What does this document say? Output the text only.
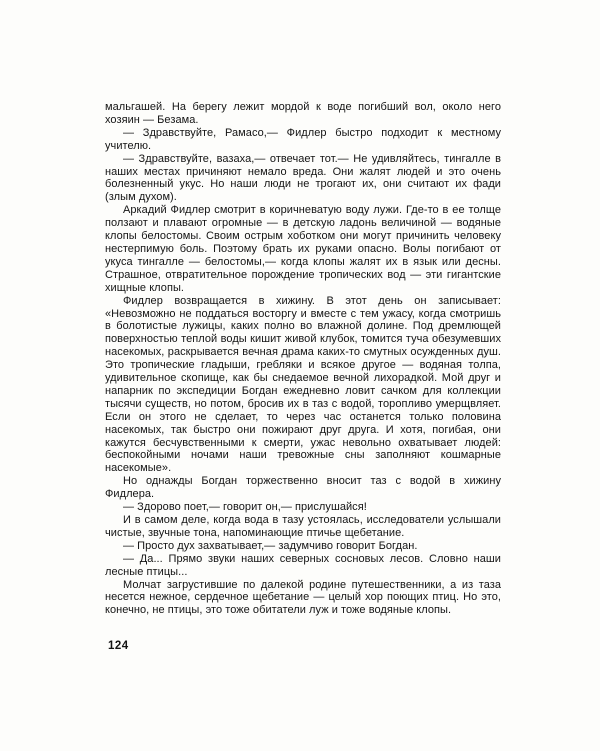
мальгашей. На берегу лежит мордой к воде погибший вол, около него хозяин — Безама.

— Здравствуйте, Рамасо,— Фидлер быстро подходит к местному учителю.

— Здравствуйте, вазаха,— отвечает тот.— Не удивляйтесь, тингалле в наших местах причиняют немало вреда. Они жалят людей и это очень болезненный укус. Но наши люди не трогают их, они считают их фади (злым духом).

Аркадий Фидлер смотрит в коричневатую воду лужи. Где-то в ее толще ползают и плавают огромные — в детскую ладонь величиной — водяные клопы белостомы. Своим острым хоботком они могут причинить человеку нестерпимую боль. Поэтому брать их руками опасно. Волы погибают от укуса тингалле — белостомы,— когда клопы жалят их в язык или десны. Страшное, отвратительное порождение тропических вод — эти гигантские хищные клопы.

Фидлер возвращается в хижину. В этот день он записывает: «Невозможно не поддаться восторгу и вместе с тем ужасу, когда смотришь в болотистые лужицы, каких полно во влажной долине. Под дремлющей поверхностью теплой воды кишит живой клубок, томится туча обезумевших насекомых, раскрывается вечная драма каких-то смутных осужденных душ. Это тропические гладыши, гребляки и всякое другое — водяная толпа, удивительное скопище, как бы снедаемое вечной лихорадкой. Мой друг и напарник по экспедиции Богдан ежедневно ловит сачком для коллекции тысячи существ, но потом, бросив их в таз с водой, торопливо умерщвляет. Если он этого не сделает, то через час останется только половина насекомых, так быстро они пожирают друг друга. И хотя, погибая, они кажутся бесчувственными к смерти, ужас невольно охватывает людей: беспокойными ночами наши тревожные сны заполняют кошмарные насекомые».

Но однажды Богдан торжественно вносит таз с водой в хижину Фидлера.

— Здорово поет,— говорит он,— прислушайся!

И в самом деле, когда вода в тазу устоялась, исследователи услышали чистые, звучные тона, напоминающие птичье щебетание.

— Просто дух захватывает,— задумчиво говорит Богдан.

— Да... Прямо звуки наших северных сосновых лесов. Словно наши лесные птицы...

Молчат загрустившие по далекой родине путешественники, а из таза несется нежное, сердечное щебетание — целый хор поющих птиц. Но это, конечно, не птицы, это тоже обитатели луж и тоже водяные клопы.

124
